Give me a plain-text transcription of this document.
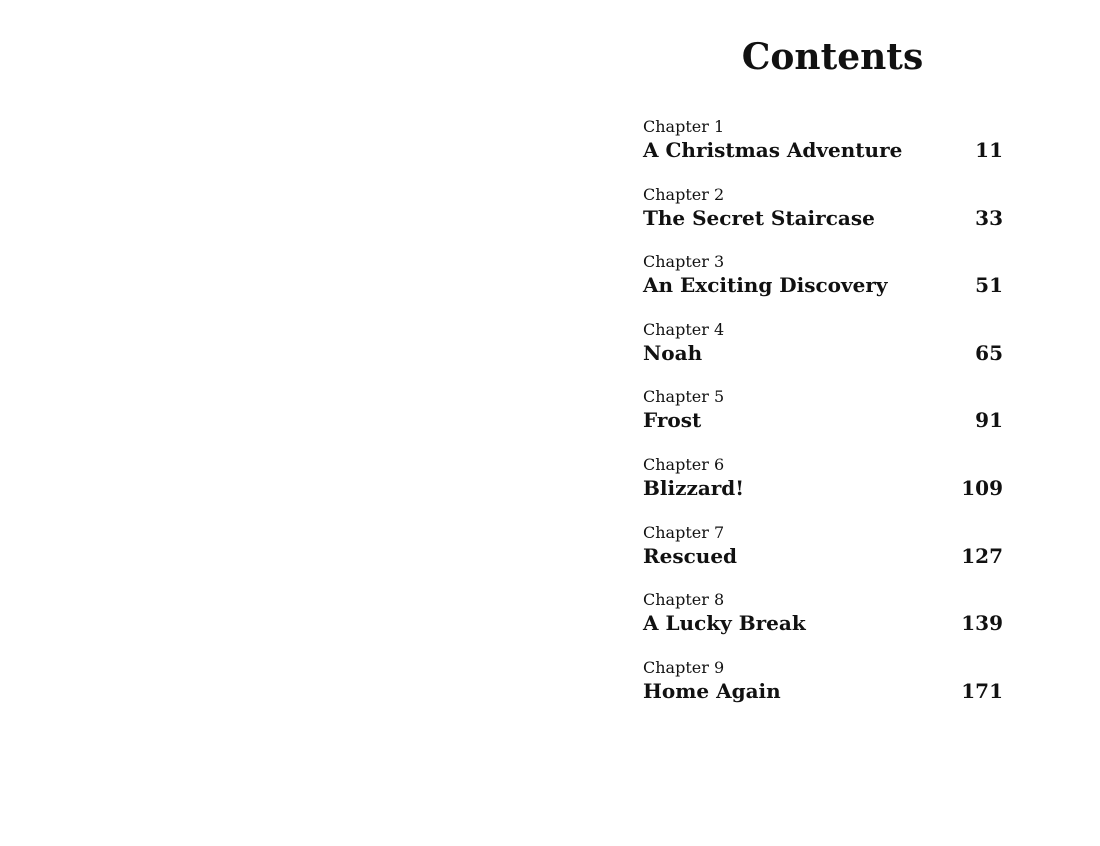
Contents
Chapter 1
A Christmas Adventure	11
Chapter 2
The Secret Staircase	33
Chapter 3
An Exciting Discovery	51
Chapter 4
Noah	65
Chapter 5
Frost	91
Chapter 6
Blizzard!	109
Chapter 7
Rescued	127
Chapter 8
A Lucky Break	139
Chapter 9
Home Again	171
